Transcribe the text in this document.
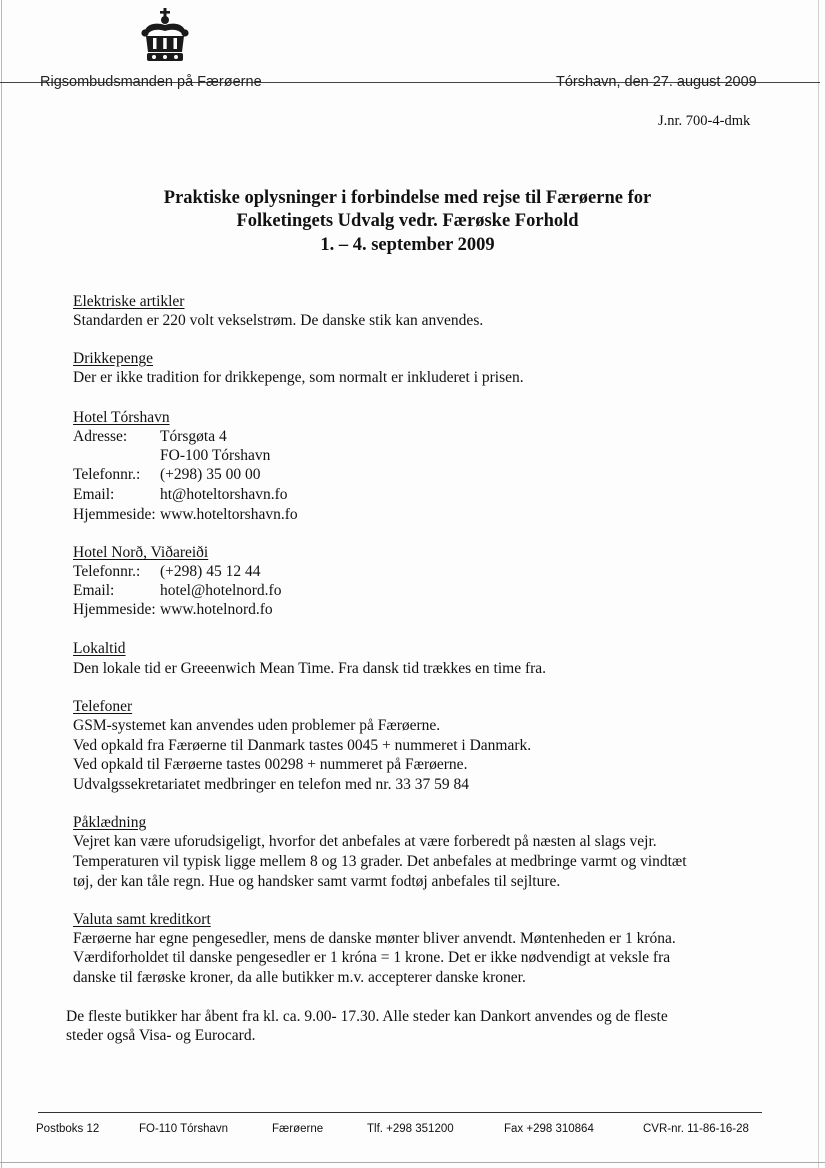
Rigsombudsmanden på Færøerne	Tórshavn, den 27. august 2009
J.nr. 700-4-dmk
Praktiske oplysninger i forbindelse med rejse til Færøerne for
Folketingets Udvalg vedr. Færøske Forhold
1. – 4. september 2009
Elektriske artikler
Standarden er 220 volt vekselstrøm. De danske stik kan anvendes.
Drikkepenge
Der er ikke tradition for drikkepenge, som normalt er inkluderet i prisen.
Hotel Tórshavn
Adresse: Tórsgøta 4
FO-100 Tórshavn
Telefonnr.: (+298) 35 00 00
Email:	ht@hoteltorshavn.fo
Hjemmeside: www.hoteltorshavn.fo
Hotel Norð, Viðareiði
Telefonnr.: (+298) 45 12 44
Email:	hotel@hotelnord.fo
Hjemmeside: www.hotelnord.fo
Lokaltid
Den lokale tid er Greeenwich Mean Time. Fra dansk tid trækkes en time fra.
Telefoner
GSM-systemet kan anvendes uden problemer på Færøerne.
Ved opkald fra Færøerne til Danmark tastes 0045 + nummeret i Danmark.
Ved opkald til Færøerne tastes 00298 + nummeret på Færøerne.
Udvalgssekretariatet medbringer en telefon med nr. 33 37 59 84
Påklædning
Vejret kan være uforudsigeligt, hvorfor det anbefales at være forberedt på næsten al slags vejr.
Temperaturen vil typisk ligge mellem 8 og 13 grader. Det anbefales at medbringe varmt og vindtæt
tøj, der kan tåle regn. Hue og handsker samt varmt fodtøj anbefales til sejlture.
Valuta samt kreditkort
Færøerne har egne pengesedler, mens de danske mønter bliver anvendt. Møntenheden er 1 króna.
Værdiforholdet til danske pengesedler er 1 króna = 1 krone. Det er ikke nødvendigt at veksle fra
danske til færøske kroner, da alle butikker m.v. accepterer danske kroner.
De fleste butikker har åbent fra kl. ca. 9.00- 17.30. Alle steder kan Dankort anvendes og de fleste
steder også Visa- og Eurocard.
Postboks 12	FO-110 Tórshavn	Færøerne	Tlf. +298 351200	Fax +298 310864	CVR-nr. 11-86-16-28
